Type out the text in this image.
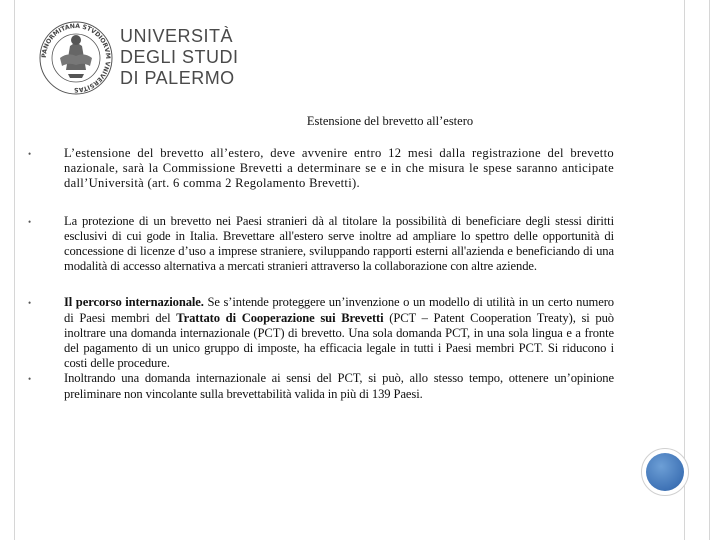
PANORMITANA STVDIORVM VNIVERSITAS
UNIVERSITÀ
DEGLI STUDI
DI PALERMO
Estensione del brevetto all’estero
•	L’estensione del brevetto all’estero, deve avvenire entro 12 mesi dalla registrazione del brevetto nazionale, sarà la Commissione Brevetti a determinare se e in che misura le spese saranno anticipate dall’Università (art. 6 comma 2 Regolamento Brevetti).
•	La protezione di un brevetto nei Paesi stranieri dà al titolare la possibilità di beneficiare degli stessi diritti esclusivi di cui gode in Italia. Brevettare all'estero serve inoltre ad ampliare lo spettro delle opportunità di concessione di licenze d’uso a imprese straniere, sviluppando rapporti esterni all'azienda e beneficiando di una modalità di accesso alternativa a mercati stranieri attraverso la collaborazione con altre aziende.
•	Il percorso internazionale. Se s’intende proteggere un’invenzione o un modello di utilità in un certo numero di Paesi membri del Trattato di Cooperazione sui Brevetti (PCT – Patent Cooperation Treaty), si può inoltrare una domanda internazionale (PCT) di brevetto. Una sola domanda PCT, in una sola lingua e a fronte del pagamento di un unico gruppo di imposte, ha efficacia legale in tutti i Paesi membri PCT. Si riducono i costi delle procedure.
•	Inoltrando una domanda internazionale ai sensi del PCT, si può, allo stesso tempo, ottenere un’opinione preliminare non vincolante sulla brevettabilità valida in più di 139 Paesi.
